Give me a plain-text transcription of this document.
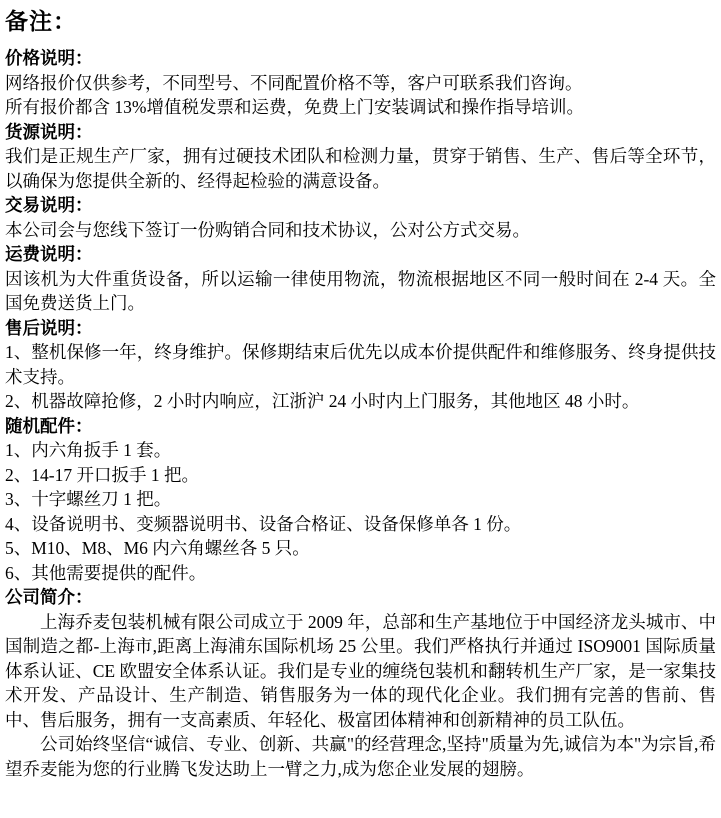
备注：
价格说明：

网络报价仅供参考，不同型号、不同配置价格不等，客户可联系我们咨询。

所有报价都含 13%增值税发票和运费，免费上门安装调试和操作指导培训。

货源说明：

我们是正规生产厂家，拥有过硬技术团队和检测力量，贯穿于销售、生产、售后等全环节，以确保为您提供全新的、经得起检验的满意设备。

交易说明：

本公司会与您线下签订一份购销合同和技术协议，公对公方式交易。

运费说明：

因该机为大件重货设备，所以运输一律使用物流，物流根据地区不同一般时间在 2-4 天。全国免费送货上门。

售后说明：

1、整机保修一年，终身维护。保修期结束后优先以成本价提供配件和维修服务、终身提供技术支持。

2、机器故障抢修，2 小时内响应，江浙沪 24 小时内上门服务，其他地区 48 小时。

随机配件：

1、内六角扳手 1 套。

2、14-17 开口扳手 1 把。

3、十字螺丝刀 1 把。

4、设备说明书、变频器说明书、设备合格证、设备保修单各 1 份。

5、M10、M8、M6 内六角螺丝各 5 只。

6、其他需要提供的配件。

公司简介：

上海乔麦包装机械有限公司成立于 2009 年，总部和生产基地位于中国经济龙头城市、中国制造之都-上海市,距离上海浦东国际机场 25 公里。我们严格执行并通过 ISO9001 国际质量体系认证、CE 欧盟安全体系认证。我们是专业的缠绕包装机和翻转机生产厂家，是一家集技术开发、产品设计、生产制造、销售服务为一体的现代化企业。我们拥有完善的售前、售中、售后服务，拥有一支高素质、年轻化、极富团体精神和创新精神的员工队伍。

公司始终坚信“诚信、专业、创新、共赢"的经营理念,坚持"质量为先,诚信为本"为宗旨,希望乔麦能为您的行业腾飞发达助上一臂之力,成为您企业发展的翅膀。
